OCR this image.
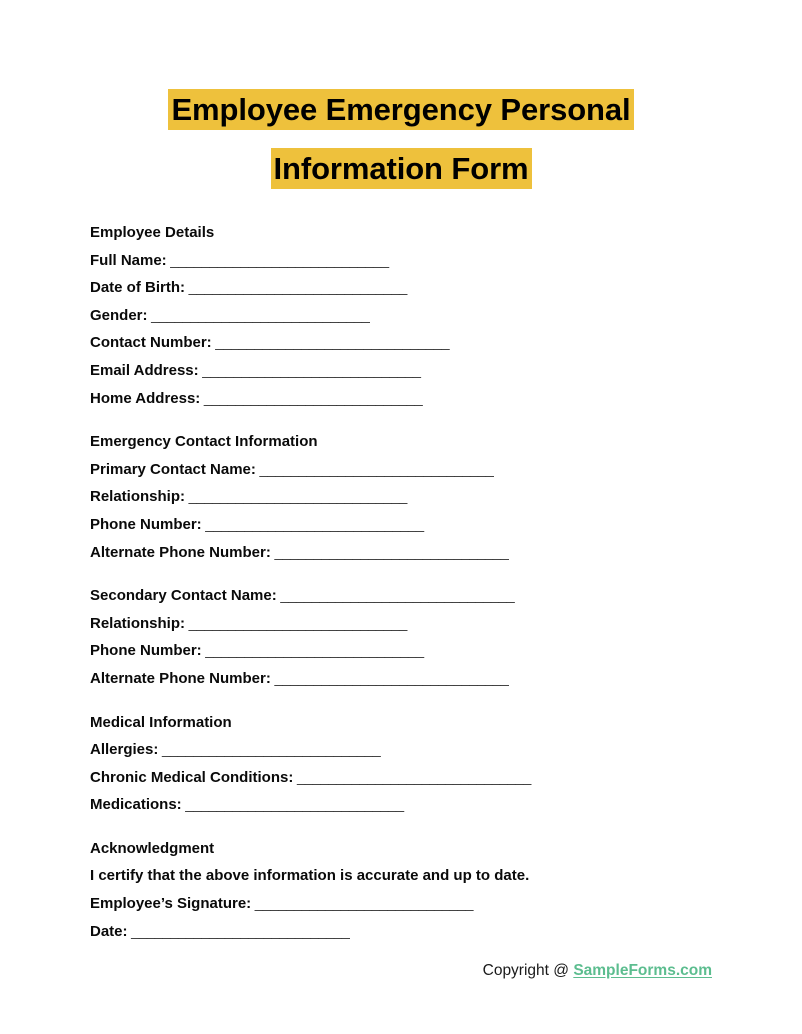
Employee Emergency Personal
Information Form
Employee Details
Full Name: ____________________________
Date of Birth: ____________________________
Gender: ____________________________
Contact Number: ______________________________
Email Address: ____________________________
Home Address: ____________________________
Emergency Contact Information
Primary Contact Name: ______________________________
Relationship: ____________________________
Phone Number: ____________________________
Alternate Phone Number: ______________________________
Secondary Contact Name: ______________________________
Relationship: ____________________________
Phone Number: ____________________________
Alternate Phone Number: ______________________________
Medical Information
Allergies: ____________________________
Chronic Medical Conditions: ______________________________
Medications: ____________________________
Acknowledgment
I certify that the above information is accurate and up to date.
Employee’s Signature: ____________________________
Date: ____________________________
Copyright @ SampleForms.com
